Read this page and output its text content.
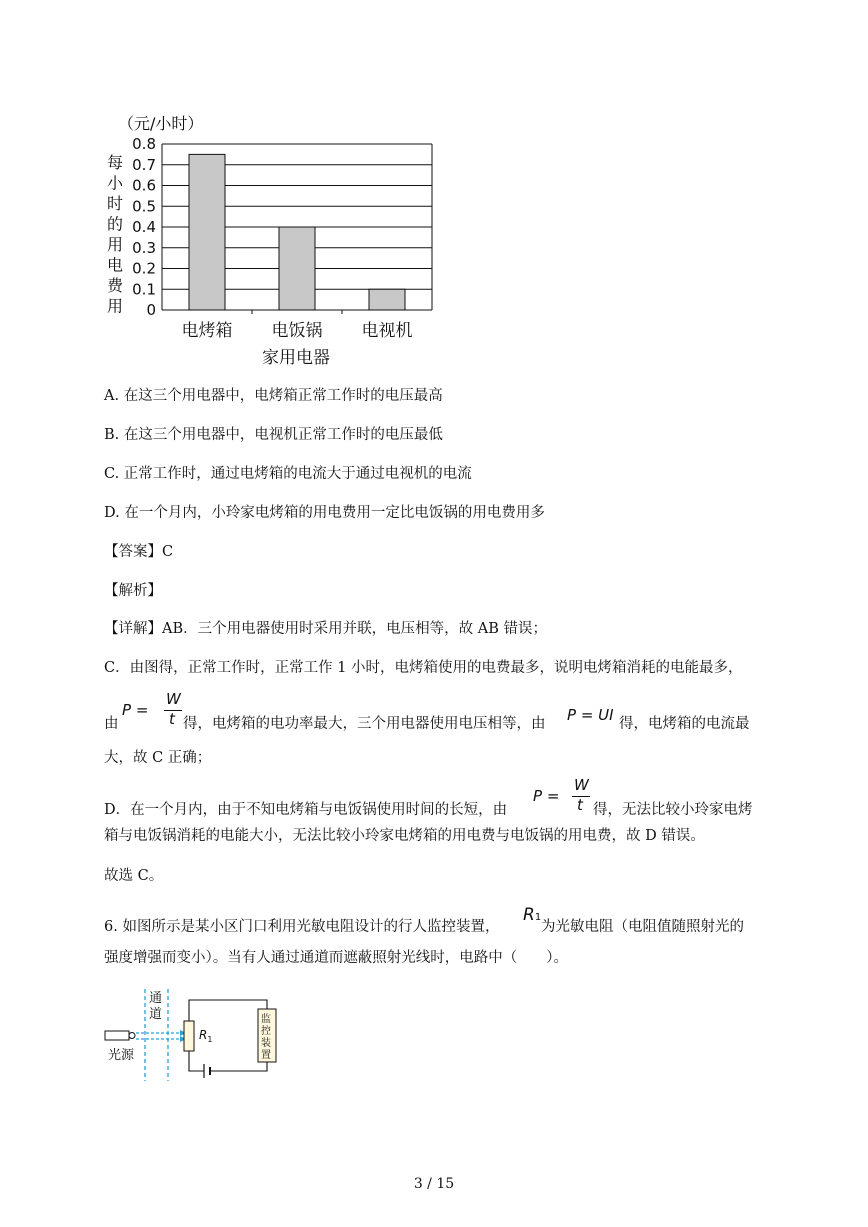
（元/小时）
每
小
时
的
用
电
费
用 0
0.1
0.2
0.3
0.4
0.5
0.6
0.7
0.8
电烤箱 电饭锅 电视机
家用电器
A. 在这三个用电器中，电烤箱正常工作时的电压最高
B. 在这三个用电器中，电视机正常工作时的电压最低
C. 正常工作时，通过电烤箱的电流大于通过电视机的电流
D. 在一个月内，小玲家电烤箱的用电费用一定比电饭锅的用电费用多
【答案】C
【解析】
【详解】AB．三个用电器使用时采用并联，电压相等，故 AB 错误；
C．由图得，正常工作时，正常工作 1 小时，电烤箱使用的电费最多，说明电烤箱消耗的电能最多，
由
P =
W
t 得，电烤箱的电功率最大，三个用电器使用电压相等，由 P = UI 得，电烤箱的电流最
大，故 C 正确；
D．在一个月内，由于不知电烤箱与电饭锅使用时间的长短，由
P =
W
t 得，无法比较小玲家电烤
箱与电饭锅消耗的电能大小，无法比较小玲家电烤箱的用电费与电饭锅的用电费，故 D 错误。
故选 C。
6. 如图所示是某小区门口利用光敏电阻设计的行人监控装置，
R1
为光敏电阻（电阻值随照射光的
强度增强而变小）。当有人通过通道而遮蔽照射光线时，电路中（　　）。
通
道
光源
$R_1$
监
控
装
置
3 / 15
